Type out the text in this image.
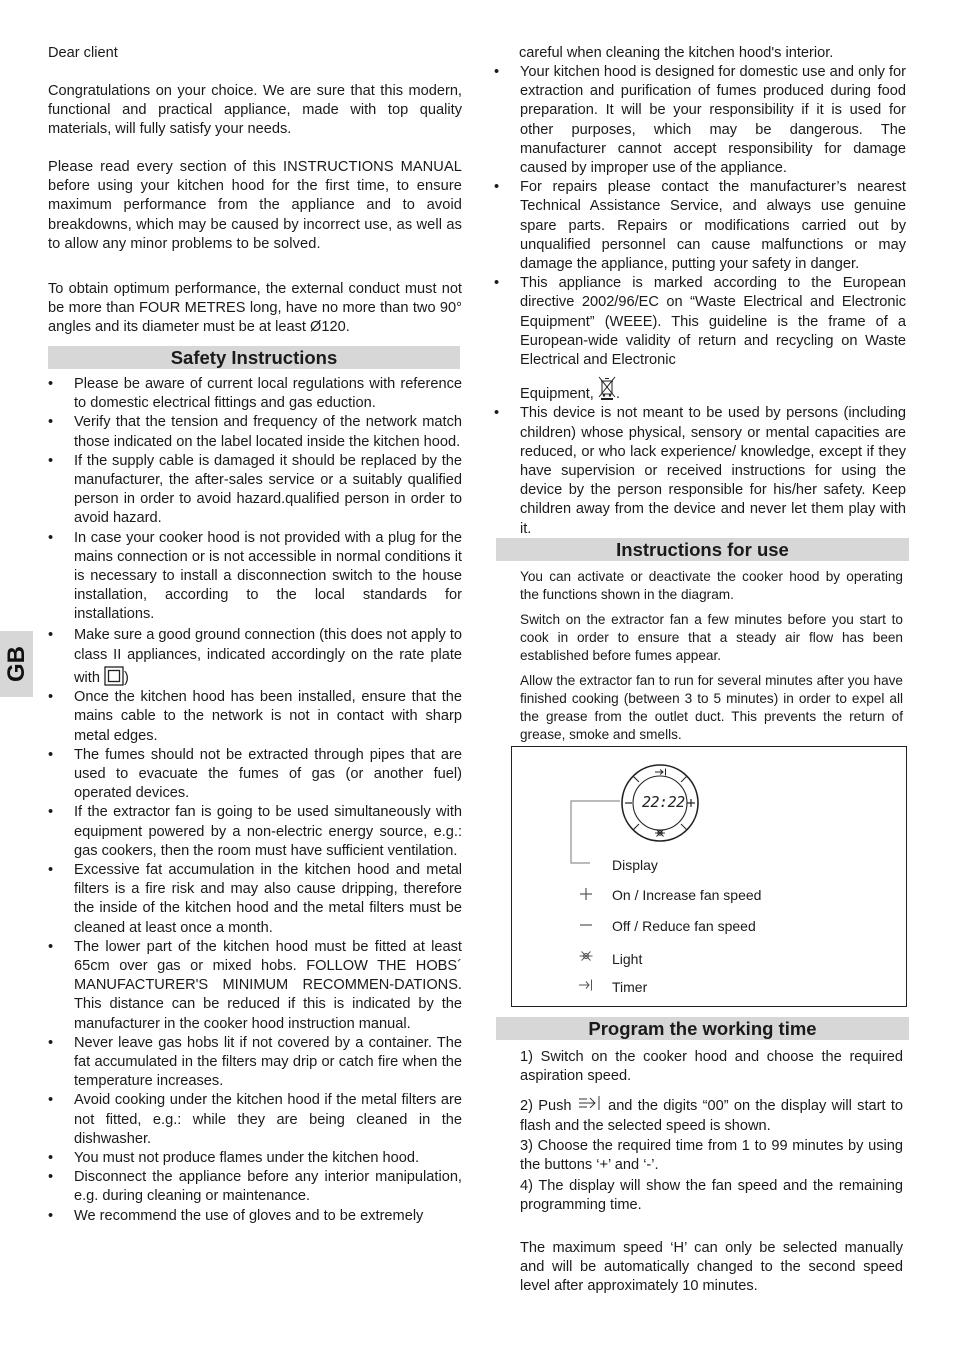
GB

Dear client

Congratulations on your choice. We are sure that this modern, functional and practical appliance, made with top quality materials, will fully satisfy your needs.

Please read every section of this INSTRUCTIONS MANUAL before using your kitchen hood for the first time, to ensure maximum performance from the appliance and to avoid breakdowns, which may be caused by incorrect use, as well as to allow any minor problems to be solved.

To obtain optimum performance, the external conduct must not be more than FOUR METRES long, have no more than two 90° angles and its diameter must be at least Ø120.

Safety Instructions
• Please be aware of current local regulations with reference to domestic electrical fittings and gas eduction.
• Verify that the tension and frequency of the network match those indicated on the label located inside the kitchen hood.
• If the supply cable is damaged it should be replaced by the manufacturer, the after-sales service or a suitably qualified person in order to avoid hazard.qualified person in order to avoid hazard.
• In case your cooker hood is not provided with a plug for the mains connection or is not accessible in normal conditions it is necessary to install a disconnection switch to the house installation, according to the local standards for installations.
• Make sure a good ground connection (this does not apply to class II appliances, indicated accordingly on the rate plate with )
• Once the kitchen hood has been installed, ensure that the mains cable to the network is not in contact with sharp metal edges.
• The fumes should not be extracted through pipes that are used to evacuate the fumes of gas (or another fuel) operated devices.
• If the extractor fan is going to be used simultaneously with equipment powered by a non-electric energy source, e.g.: gas cookers, then the room must have sufficient ventilation.
• Excessive fat accumulation in the kitchen hood and metal filters is a fire risk and may also cause dripping, therefore the inside of the kitchen hood and the metal filters must be cleaned at least once a month.
• The lower part of the kitchen hood must be fitted at least 65cm over gas or mixed hobs. FOLLOW THE HOBS´ MANUFACTURER'S MINIMUM RECOMMEN-DATIONS. This distance can be reduced if this is indicated by the manufacturer in the cooker hood instruction manual.
• Never leave gas hobs lit if not covered by a container. The fat accumulated in the filters may drip or catch fire when the temperature increases.
• Avoid cooking under the kitchen hood if the metal filters are not fitted, e.g.: while they are being cleaned in the dishwasher.
• You must not produce flames under the kitchen hood.
• Disconnect the appliance before any interior manipulation, e.g. during cleaning or maintenance.
• We recommend the use of gloves and to be extremely

careful when cleaning the kitchen hood's interior.

• Your kitchen hood is designed for domestic use and only for extraction and purification of fumes produced during food preparation. It will be your responsibility if it is used for other purposes, which may be dangerous. The manufacturer cannot accept responsibility for damage caused by improper use of the appliance.
• For repairs please contact the manufacturer’s nearest Technical Assistance Service, and always use genuine spare parts. Repairs or modifications carried out by unqualified personnel can cause malfunctions or may damage the appliance, putting your safety in danger.
• This appliance is marked according to the European directive 2002/96/EC on “Waste Electrical and Electronic Equipment” (WEEE). This guideline is the frame of a European-wide validity of return and recycling on Waste Electrical and Electronic
Equipment, .
• This device is not meant to be used by persons (including children) whose physical, sensory or mental capacities are reduced, or who lack experience/ knowledge, except if they have supervision or received instructions for using the device by the person responsible for his/her safety. Keep children away from the device and never let them play with it.
Instructions for use

You can activate or deactivate the cooker hood by operating the functions shown in the diagram.

Switch on the extractor fan a few minutes before you start to cook in order to ensure that a steady air flow has been established before fumes appear.

Allow the extractor fan to run for several minutes after you have finished cooking (between 3 to 5 minutes) in order to expel all the grease from the outlet duct. This prevents the return of grease, smoke and smells.

22:22
Display
On / Increase fan speed
Off / Reduce fan speed
Light
Timer
Program the working time

1) Switch on the cooker hood and choose the required aspiration speed.

2) Push	and the digits “00” on the display will start to flash and the selected speed is shown.

3) Choose the required time from 1 to 99 minutes by using the buttons ‘+’ and ‘-’.

4) The display will show the fan speed and the remaining programming time.

The maximum speed ‘H’ can only be selected manually and will be automatically changed to the second speed level after approximately 10 minutes.
